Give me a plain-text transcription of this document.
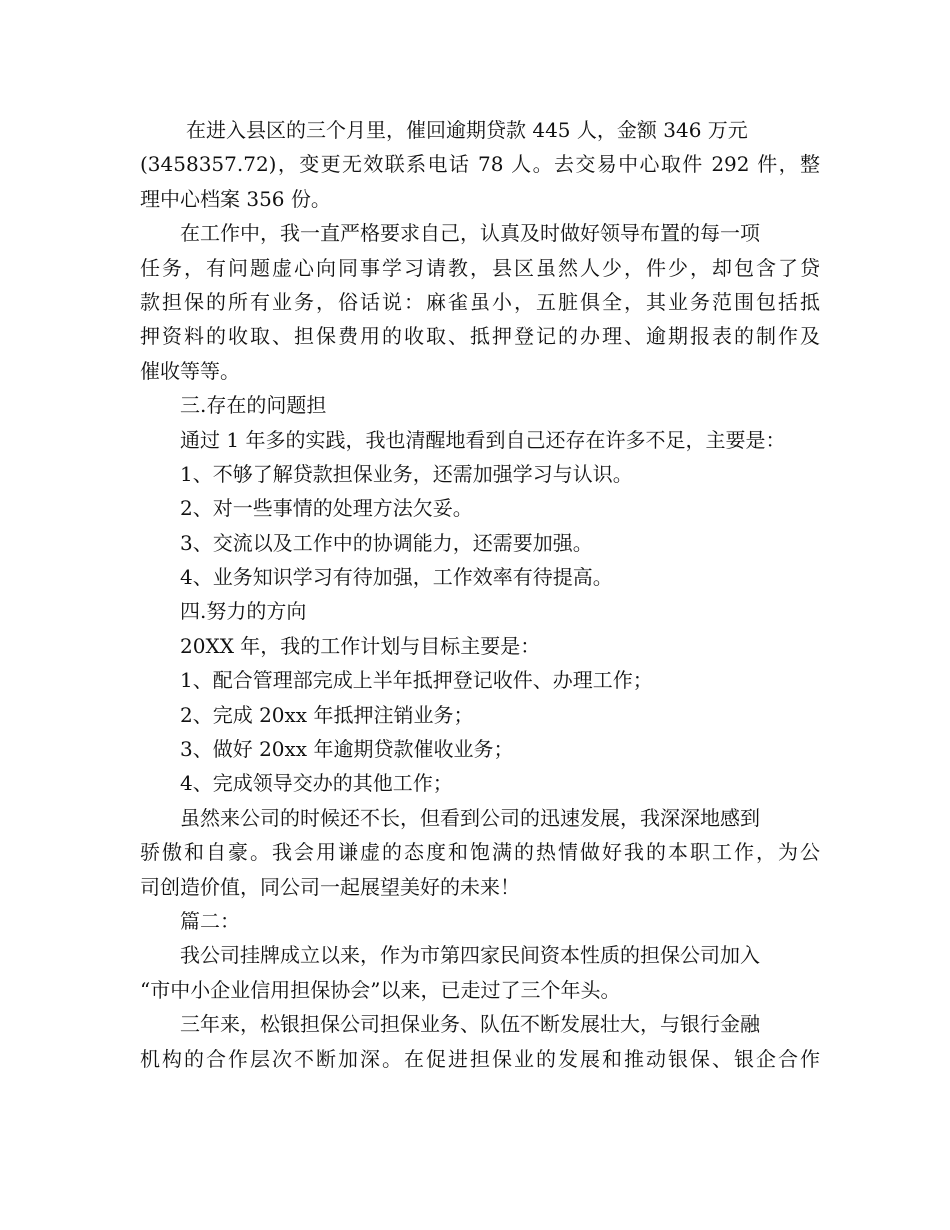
在进入县区的三个月里，催回逾期贷款 445 人，金额 346 万元
(3458357.72)，变更无效联系电话 78 人。去交易中心取件 292 件，整
理中心档案 356 份。
在工作中，我一直严格要求自己，认真及时做好领导布置的每一项
任务，有问题虚心向同事学习请教，县区虽然人少，件少，却包含了贷
款担保的所有业务，俗话说：麻雀虽小，五脏俱全，其业务范围包括抵
押资料的收取、担保费用的收取、抵押登记的办理、逾期报表的制作及
催收等等。
三.存在的问题担
通过 1 年多的实践，我也清醒地看到自己还存在许多不足，主要是：
1、不够了解贷款担保业务，还需加强学习与认识。
2、对一些事情的处理方法欠妥。
3、交流以及工作中的协调能力，还需要加强。
4、业务知识学习有待加强，工作效率有待提高。
四.努力的方向
20XX 年，我的工作计划与目标主要是：
1、配合管理部完成上半年抵押登记收件、办理工作；
2、完成 20xx 年抵押注销业务；
3、做好 20xx 年逾期贷款催收业务；
4、完成领导交办的其他工作；
虽然来公司的时候还不长，但看到公司的迅速发展，我深深地感到
骄傲和自豪。我会用谦虚的态度和饱满的热情做好我的本职工作，为公
司创造价值，同公司一起展望美好的未来！
篇二：
我公司挂牌成立以来，作为市第四家民间资本性质的担保公司加入
“市中小企业信用担保协会”以来，已走过了三个年头。
三年来，松银担保公司担保业务、队伍不断发展壮大，与银行金融
机构的合作层次不断加深。在促进担保业的发展和推动银保、银企合作
